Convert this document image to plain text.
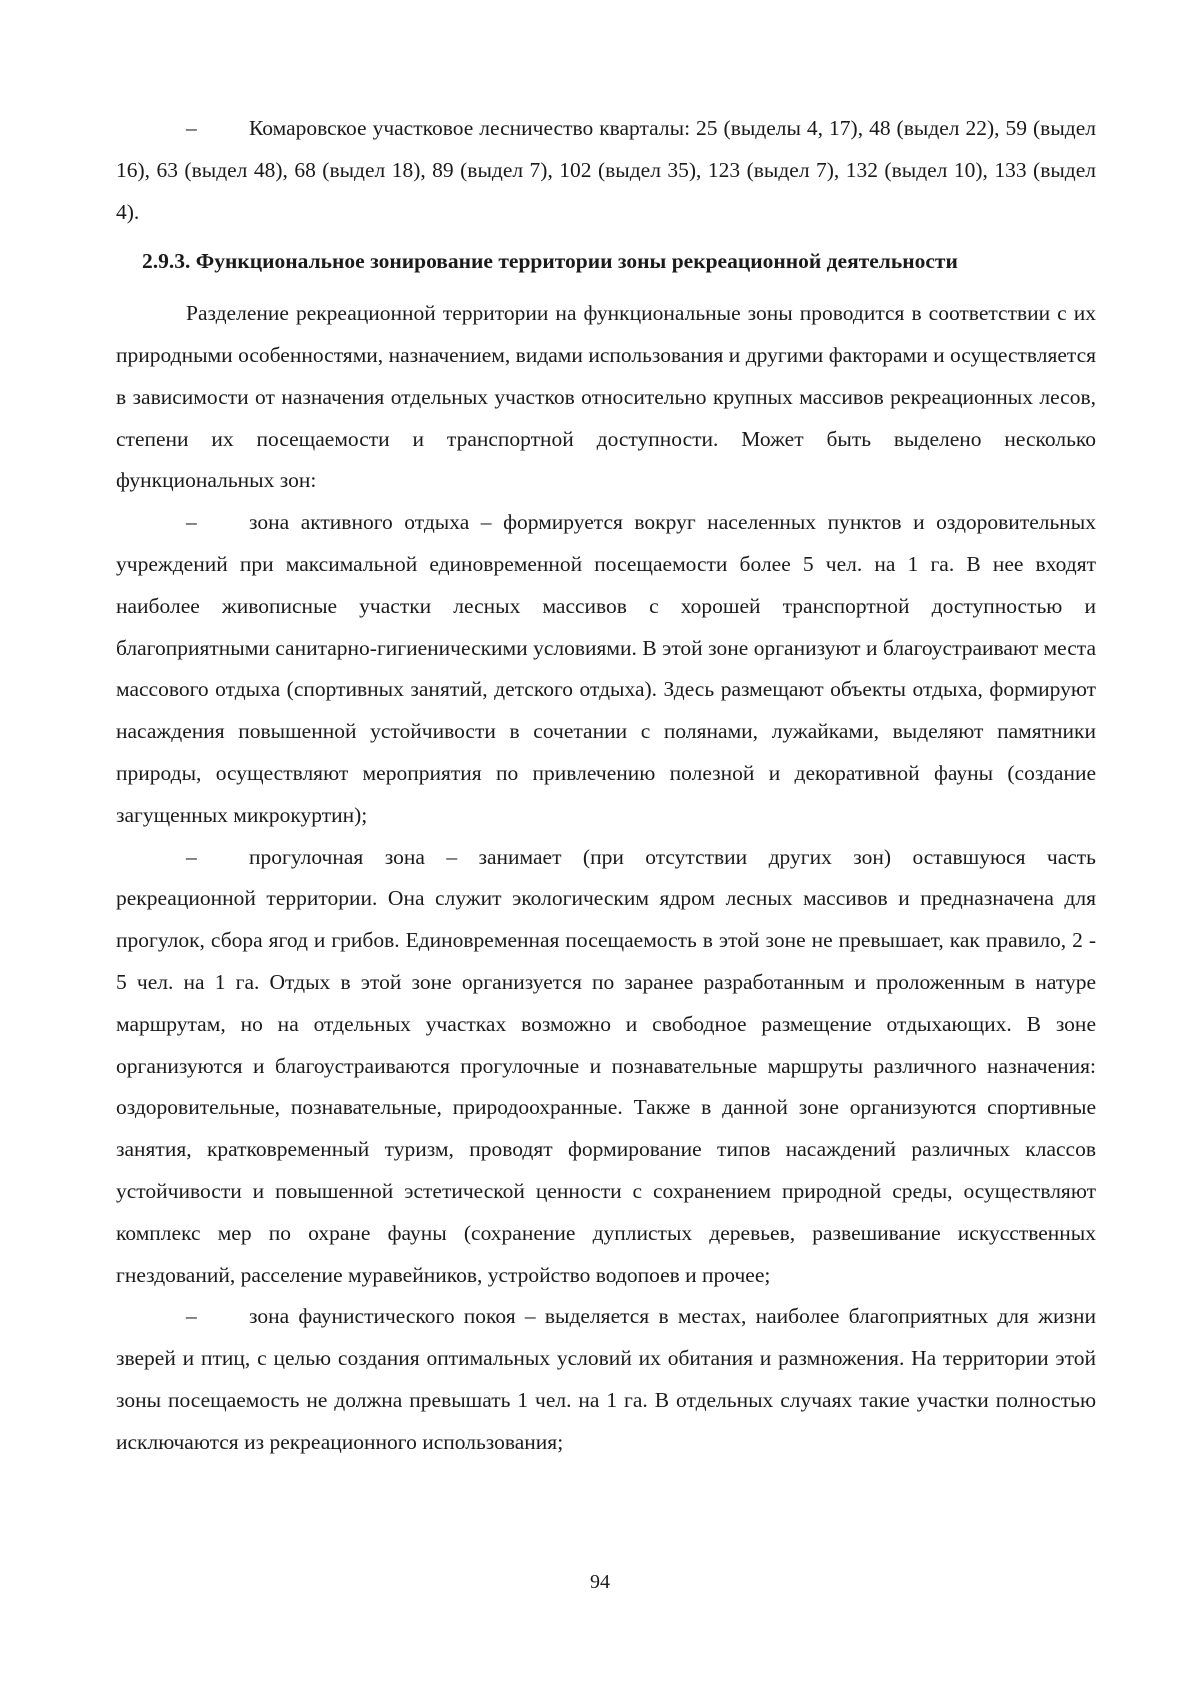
– Комаровское участковое лесничество кварталы: 25 (выделы 4, 17), 48 (выдел 22), 59 (выдел 16), 63 (выдел 48), 68 (выдел 18), 89 (выдел 7), 102 (выдел 35), 123 (выдел 7), 132 (выдел 10), 133 (выдел 4).

2.9.3. Функциональное зонирование территории зоны рекреационной деятельности

Разделение рекреационной территории на функциональные зоны проводится в соответствии с их природными особенностями, назначением, видами использования и другими факторами и осуществляется в зависимости от назначения отдельных участков относительно крупных массивов рекреационных лесов, степени их посещаемости и транспортной доступности. Может быть выделено несколько функциональных зон:

– зона активного отдыха – формируется вокруг населенных пунктов и оздоровительных учреждений при максимальной единовременной посещаемости более 5 чел. на 1 га. В нее входят наиболее живописные участки лесных массивов с хорошей транспортной доступностью и благоприятными санитарно-гигиеническими условиями. В этой зоне организуют и благоустраивают места массового отдыха (спортивных занятий, детского отдыха). Здесь размещают объекты отдыха, формируют насаждения повышенной устойчивости в сочетании с полянами, лужайками, выделяют памятники природы, осуществляют мероприятия по привлечению полезной и декоративной фауны (создание загущенных микрокуртин);

– прогулочная зона – занимает (при отсутствии других зон) оставшуюся часть рекреационной территории. Она служит экологическим ядром лесных массивов и предназначена для прогулок, сбора ягод и грибов. Единовременная посещаемость в этой зоне не превышает, как правило, 2 - 5 чел. на 1 га. Отдых в этой зоне организуется по заранее разработанным и проложенным в натуре маршрутам, но на отдельных участках возможно и свободное размещение отдыхающих. В зоне организуются и благоустраиваются прогулочные и познавательные маршруты различного назначения: оздоровительные, познавательные, природоохранные. Также в данной зоне организуются спортивные занятия, кратковременный туризм, проводят формирование типов насаждений различных классов устойчивости и повышенной эстетической ценности с сохранением природной среды, осуществляют комплекс мер по охране фауны (сохранение дуплистых деревьев, развешивание искусственных гнездований, расселение муравейников, устройство водопоев и прочее;

– зона фаунистического покоя – выделяется в местах, наиболее благоприятных для жизни зверей и птиц, с целью создания оптимальных условий их обитания и размножения. На территории этой зоны посещаемость не должна превышать 1 чел. на 1 га. В отдельных случаях такие участки полностью исключаются из рекреационного использования;

94
